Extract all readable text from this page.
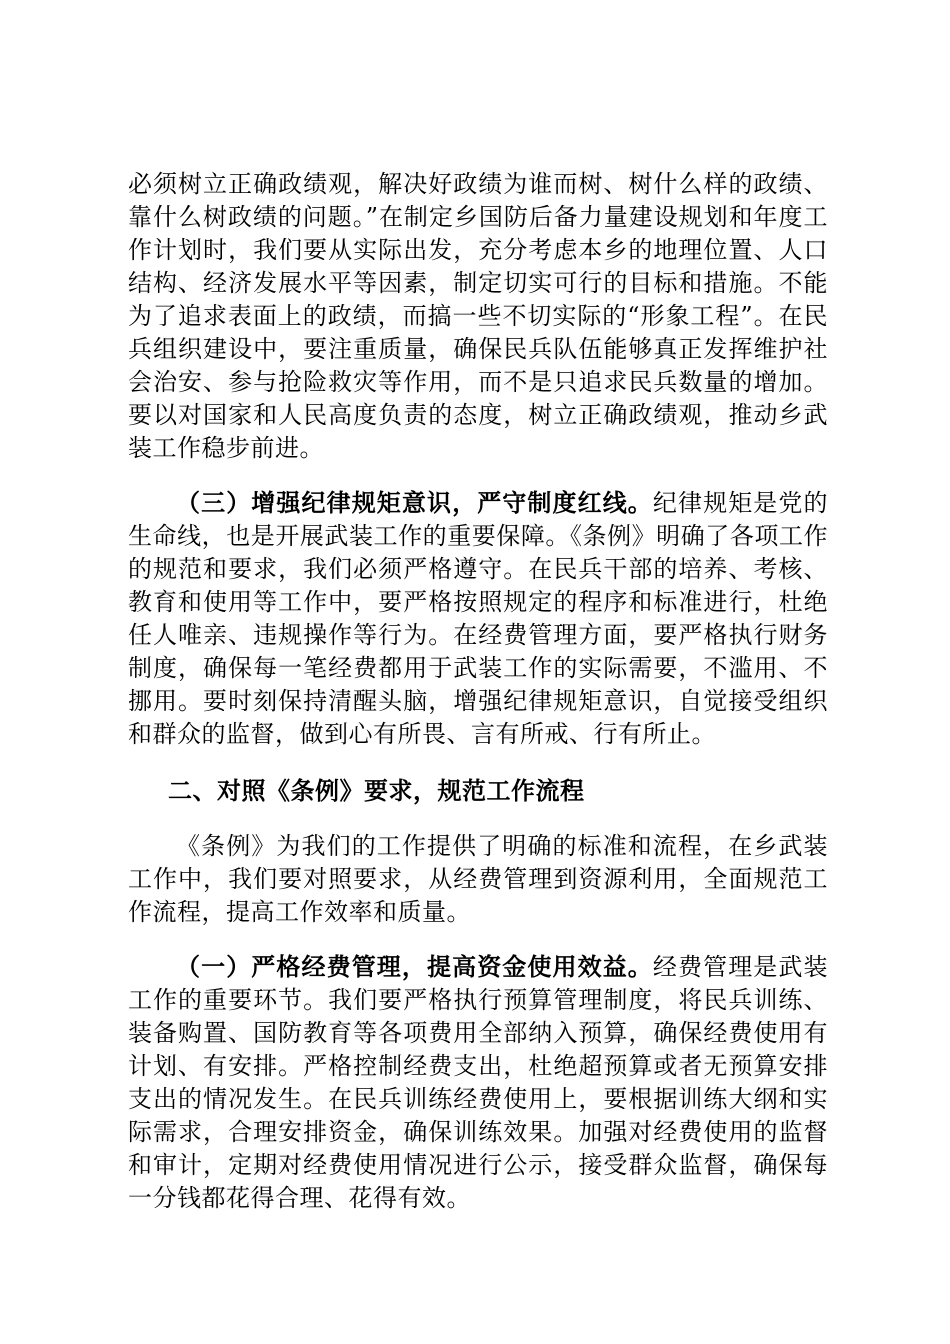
必须树立正确政绩观，解决好政绩为谁而树、树什么样的政绩、靠什么树政绩的问题。”在制定乡国防后备力量建设规划和年度工作计划时，我们要从实际出发，充分考虑本乡的地理位置、人口结构、经济发展水平等因素，制定切实可行的目标和措施。不能为了追求表面上的政绩，而搞一些不切实际的“形象工程”。在民兵组织建设中，要注重质量，确保民兵队伍能够真正发挥维护社会治安、参与抢险救灾等作用，而不是只追求民兵数量的增加。要以对国家和人民高度负责的态度，树立正确政绩观，推动乡武装工作稳步前进。

（三）增强纪律规矩意识，严守制度红线。纪律规矩是党的生命线，也是开展武装工作的重要保障。《条例》明确了各项工作的规范和要求，我们必须严格遵守。在民兵干部的培养、考核、教育和使用等工作中，要严格按照规定的程序和标准进行，杜绝任人唯亲、违规操作等行为。在经费管理方面，要严格执行财务制度，确保每一笔经费都用于武装工作的实际需要，不滥用、不挪用。要时刻保持清醒头脑，增强纪律规矩意识，自觉接受组织和群众的监督，做到心有所畏、言有所戒、行有所止。

二、对照《条例》要求，规范工作流程

《条例》为我们的工作提供了明确的标准和流程，在乡武装工作中，我们要对照要求，从经费管理到资源利用，全面规范工作流程，提高工作效率和质量。

（一）严格经费管理，提高资金使用效益。经费管理是武装工作的重要环节。我们要严格执行预算管理制度，将民兵训练、装备购置、国防教育等各项费用全部纳入预算，确保经费使用有计划、有安排。严格控制经费支出，杜绝超预算或者无预算安排支出的情况发生。在民兵训练经费使用上，要根据训练大纲和实际需求，合理安排资金，确保训练效果。加强对经费使用的监督和审计，定期对经费使用情况进行公示，接受群众监督，确保每一分钱都花得合理、花得有效。
